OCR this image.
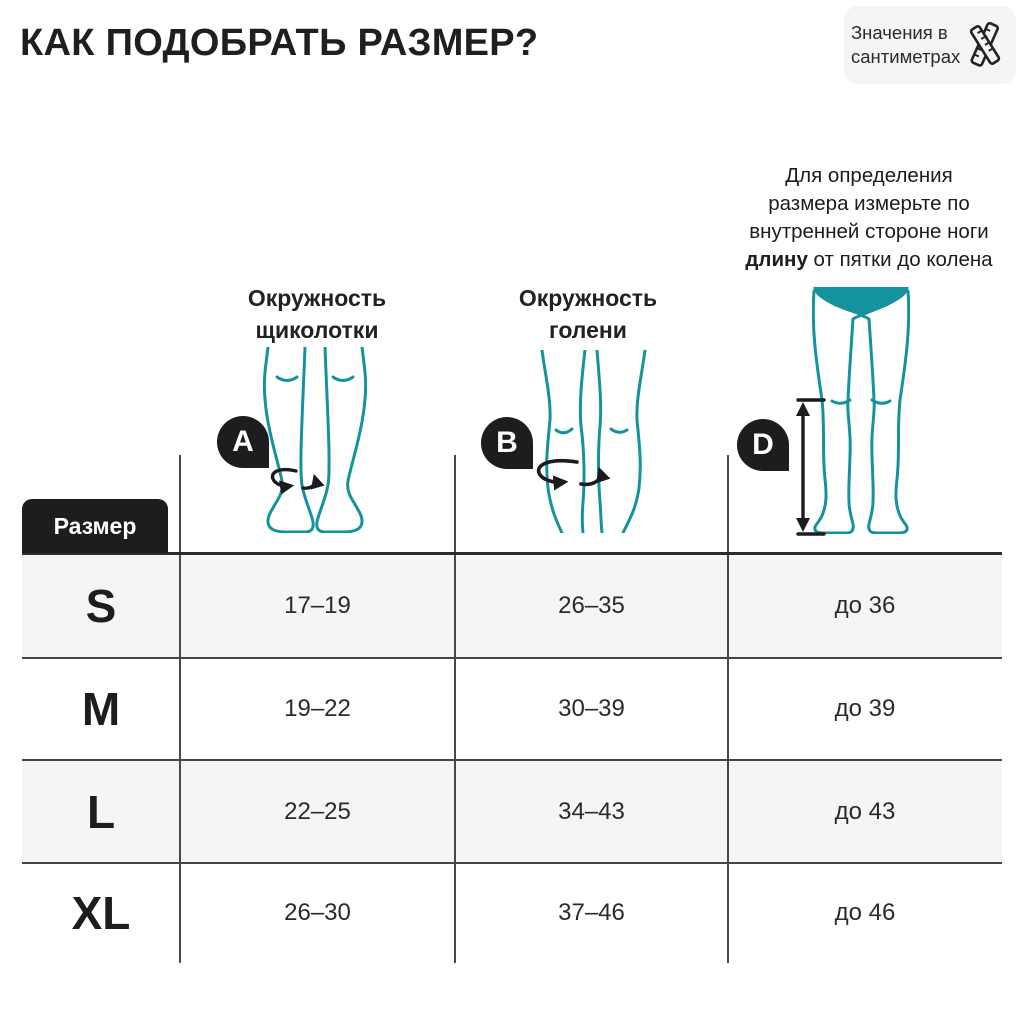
КАК ПОДОБРАТЬ РАЗМЕР?	Значения в сантиметрах
Для определения
размера измерьте по
внутренней стороне ноги
длину от пятки до колена
Окружность
щиколотки
Окружность
голени
A	B	D
Размер
S	17–19	26–35	до 36
M	19–22	30–39	до 39
L	22–25	34–43	до 43
XL	26–30	37–46	до 46
